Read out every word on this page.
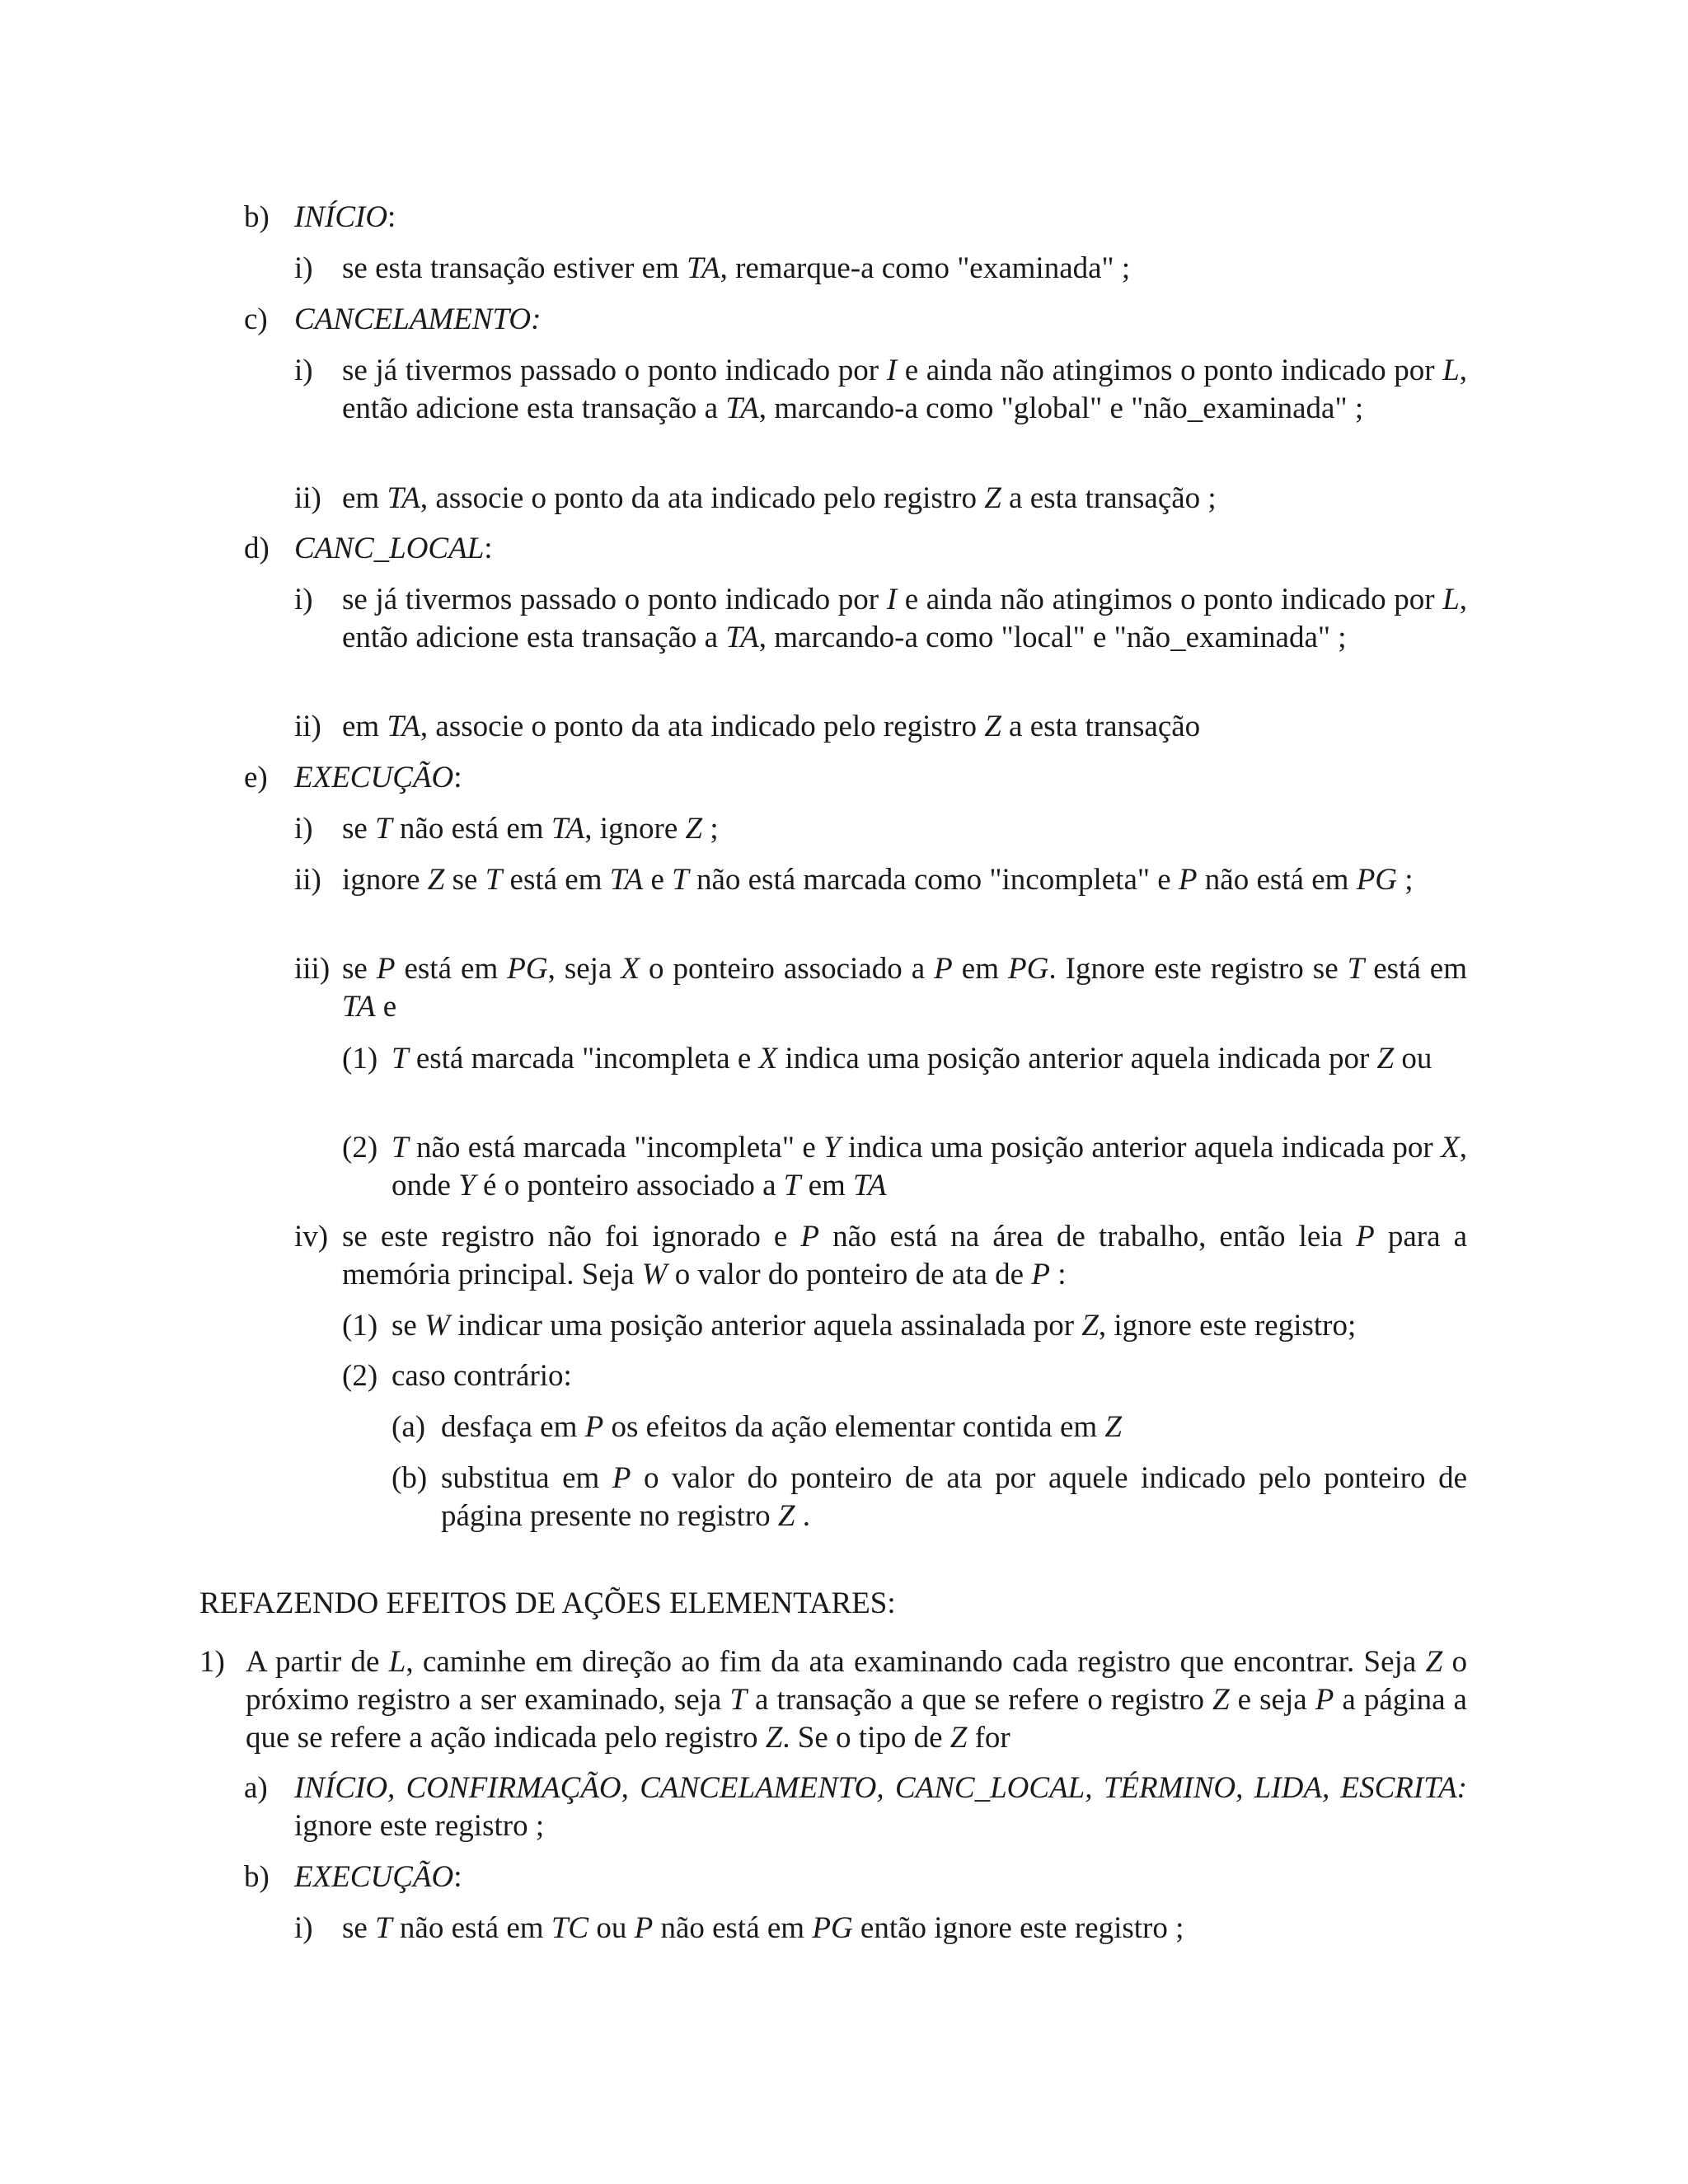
b) INÍCIO:
i) se esta transação estiver em TA, remarque-a como "examinada" ;
c) CANCELAMENTO:
i) se já tivermos passado o ponto indicado por I e ainda não atingimos o ponto indicado por L, então adicione esta transação a TA, marcando-a como "global" e "não_examinada" ;
ii) em TA, associe o ponto da ata indicado pelo registro Z a esta transação ;
d) CANC_LOCAL:
i) se já tivermos passado o ponto indicado por I e ainda não atingimos o ponto indicado por L, então adicione esta transação a TA, marcando-a como "local" e "não_examinada" ;
ii) em TA, associe o ponto da ata indicado pelo registro Z a esta transação
e) EXECUÇÃO:
i) se T não está em TA, ignore Z ;
ii) ignore Z se T está em TA e T não está marcada como "incompleta" e P não está em PG ;
iii) se P está em PG, seja X o ponteiro associado a P em PG. Ignore este registro se T está em TA e
(1) T está marcada "incompleta e X indica uma posição anterior aquela indicada por Z ou
(2) T não está marcada "incompleta" e Y indica uma posição anterior aquela indicada por X, onde Y é o ponteiro associado a T em TA
iv) se este registro não foi ignorado e P não está na área de trabalho, então leia P para a memória principal. Seja W o valor do ponteiro de ata de P :
(1) se W indicar uma posição anterior aquela assinalada por Z, ignore este registro;
(2) caso contrário:
(a) desfaça em P os efeitos da ação elementar contida em Z
(b) substitua em P o valor do ponteiro de ata por aquele indicado pelo ponteiro de página presente no registro Z .
REFAZENDO EFEITOS DE AÇÕES ELEMENTARES:
1) A partir de L, caminhe em direção ao fim da ata examinando cada registro que encontrar. Seja Z o próximo registro a ser examinado, seja T a transação a que se refere o registro Z e seja P a página a que se refere a ação indicada pelo registro Z. Se o tipo de Z for
a) INÍCIO, CONFIRMAÇÃO, CANCELAMENTO, CANC_LOCAL, TÉRMINO, LIDA, ESCRITA: ignore este registro ;
b) EXECUÇÃO:
i) se T não está em TC ou P não está em PG então ignore este registro ;
